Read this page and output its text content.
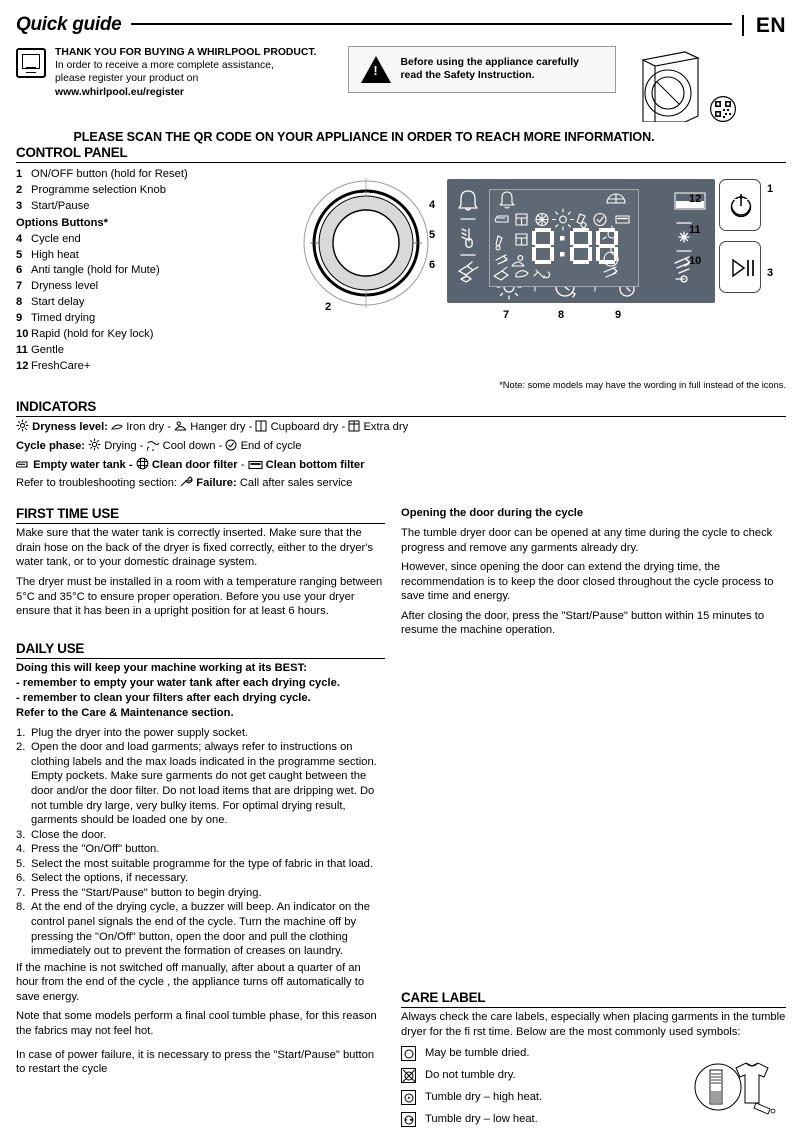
Quick guide	EN
THANK YOU FOR BUYING A WHIRLPOOL PRODUCT.
In order to receive a more complete assistance,
please register your product on
www.whirlpool.eu/register
!
Before using the appliance carefully
read the Safety Instruction.
PLEASE SCAN THE QR CODE ON YOUR APPLIANCE IN ORDER TO REACH MORE INFORMATION.
CONTROL PANEL
1 ON/OFF button (hold for Reset)
2 Programme selection Knob
3 Start/Pause
Options Buttons*
4 Cycle end
5 High heat
6 Anti tangle (hold for Mute)
7 Dryness level
8 Start delay
9 Timed drying
10 Rapid (hold for Key lock)
11 Gentle
12 FreshCare+
2
4
5
6
7	8	9
12
11
10
1
3
*Note: some models may have the wording in full instead of the icons.
INDICATORS
Dryness level: Iron dry - Hanger dry - Cupboard dry - Extra dry
Cycle phase: Drying - Cool down - End of cycle
Empty water tank - Clean door filter - Clean bottom filter
Refer to troubleshooting section: Failure: Call after sales service
FIRST TIME USE

Make sure that the water tank is correctly inserted. Make sure that the drain hose on the back of the dryer is fixed correctly, either to the dryer's water tank, or to your domestic drainage system.

The dryer must be installed in a room with a temperature ranging between 5°C and 35°C to ensure proper operation. Before you use your dryer ensure that it has been in a upright position for at least 6 hours.

DAILY USE
Doing this will keep your machine working at its BEST:
- remember to empty your water tank after each drying cycle.
- remember to clean your filters after each drying cycle.
Refer to the Care & Maintenance section.
1. Plug the dryer into the power supply socket.
2. Open the door and load garments; always refer to instructions on clothing labels and the max loads indicated in the programme section. Empty pockets. Make sure garments do not get caught between the door and/or the door filter. Do not load items that are dripping wet. Do not tumble dry large, very bulky items. For optimal drying result, garments should be loaded one by one.
3. Close the door.
4. Press the "On/Off" button.
5. Select the most suitable programme for the type of fabric in that load.
6. Select the options, if necessary.
7. Press the "Start/Pause" button to begin drying.
8. At the end of the drying cycle, a buzzer will beep. An indicator on the control panel signals the end of the cycle. Turn the machine off by pressing the "On/Off" button, open the door and pull the clothing immediately out to prevent the formation of creases on laundry.

If the machine is not switched off manually, after about a quarter of an hour from the end of the cycle , the appliance turns off automatically to save energy.

Note that some models perform a final cool tumble phase, for this reason the fabrics may not feel hot.

In case of power failure, it is necessary to press the "Start/Pause" button to restart the cycle

Opening the door during the cycle

The tumble dryer door can be opened at any time during the cycle to check progress and remove any garments already dry.

However, since opening the door can extend the drying time, the recommendation is to keep the door closed throughout the cycle process to save time and energy.

After closing the door, press the "Start/Pause" button within 15 minutes to resume the machine operation.

CARE LABEL

Always check the care labels, especially when placing garments in the tumble dryer for the fi rst time. Below are the most commonly used symbols:

May be tumble dried.
Do not tumble dry.
Tumble dry – high heat.
Tumble dry – low heat.
